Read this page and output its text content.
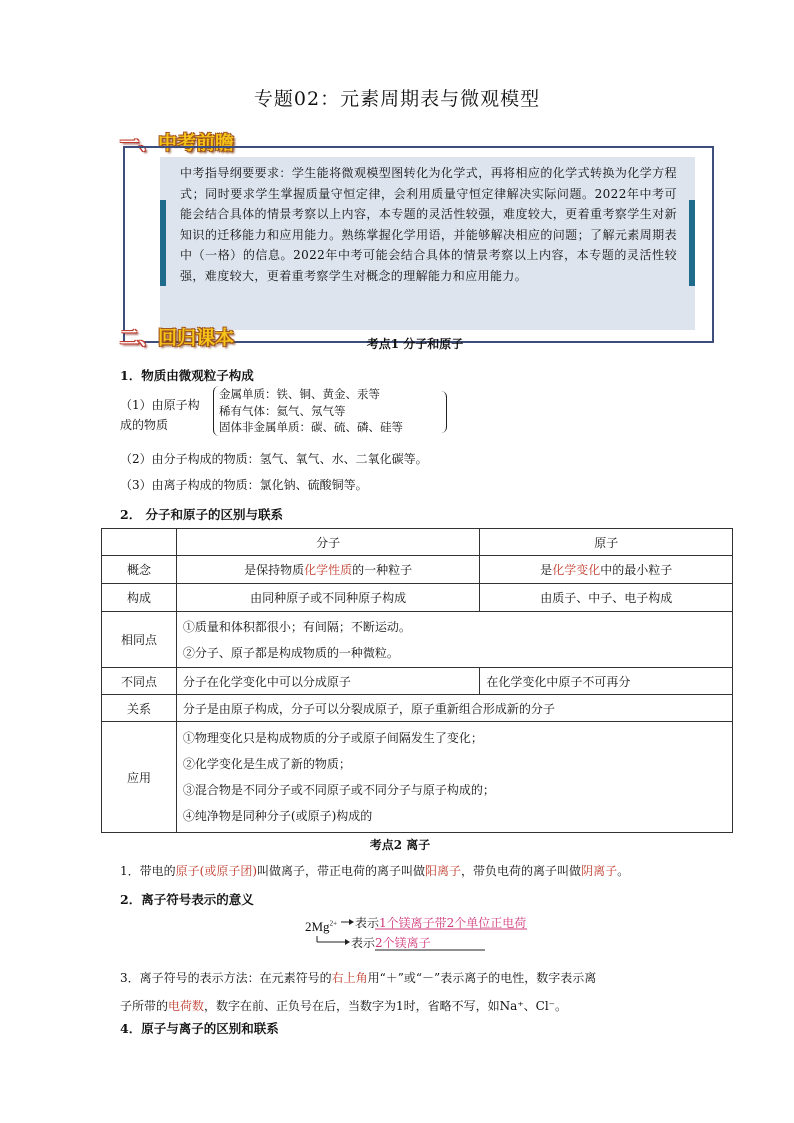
专题02：元素周期表与微观模型
一、中考前瞻
中考指导纲要要求：学生能将微观模型图转化为化学式，再将相应的化学式转换为化学方程式；同时要求学生掌握质量守恒定律，会利用质量守恒定律解决实际问题。2022年中考可能会结合具体的情景考察以上内容，本专题的灵活性较强，难度较大，更着重考察学生对新知识的迁移能力和应用能力。熟练掌握化学用语，并能够解决相应的问题；了解元素周期表中（一格）的信息。2022年中考可能会结合具体的情景考察以上内容，本专题的灵活性较强，难度较大，更着重考察学生对概念的理解能力和应用能力。
二、回归课本	考点1 分子和原子
1．物质由微观粒子构成
（1）由原子构
成的物质
金属单质：铁、铜、黄金、汞等
稀有气体：氦气、氖气等
固体非金属单质：碳、硫、磷、硅等
（2）由分子构成的物质：氢气、氧气、水、二氧化碳等。
（3）由离子构成的物质：氯化钠、硫酸铜等。
2． 分子和原子的区别与联系
	分子	原子
概念	是保持物质化学性质的一种粒子	是化学变化中的最小粒子
构成	由同种原子或不同种原子构成	由质子、中子、电子构成
相同点	①质量和体积都很小；有间隔；不断运动。
②分子、原子都是构成物质的一种微粒。	

不同点	分子在化学变化中可以分成原子	在化学变化中原子不可再分
关系	分子是由原子构成，分子可以分裂成原子，原子重新组合形成新的分子	
应用	①物理变化只是构成物质的分子或原子间隔发生了变化；
②化学变化是生成了新的物质；
③混合物是不同分子或不同原子或不同分子与原子构成的；
④纯净物是同种分子(或原子)构成的	
考点2 离子
1．带电的原子(或原子团)叫做离子，带正电荷的离子叫做阳离子，带负电荷的离子叫做阴离子。
2．离子符号表示的意义
$2Mg^{2+}$ 表示1个镁离子带2个单位正电荷
表示2个镁离子
3．离子符号的表示方法：在元素符号的右上角用“＋”或“－”表示离子的电性，数字表示离
子所带的电荷数，数字在前、正负号在后，当数字为1时，省略不写，如Na⁺、Cl⁻。
4．原子与离子的区别和联系
